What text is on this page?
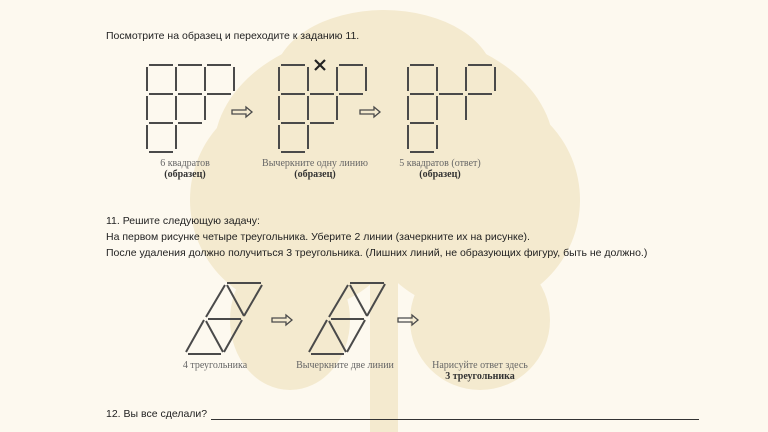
Посмотрите на образец и переходите к заданию 11.
6 квадратов
(образец)
Вычеркните одну линию
(образец)
5 квадратов (ответ)
(образец)
11. Решите следующую задачу:
На первом рисунке четыре треугольника. Уберите 2 линии (зачеркните их на рисунке).
После удаления должно получиться 3 треугольника. (Лишних линий, не образующих фигуру, быть не должно.)
4 треугольника	Вычеркните две линии	Нарисуйте ответ здесь
3 треугольника
12. Вы все сделали?
